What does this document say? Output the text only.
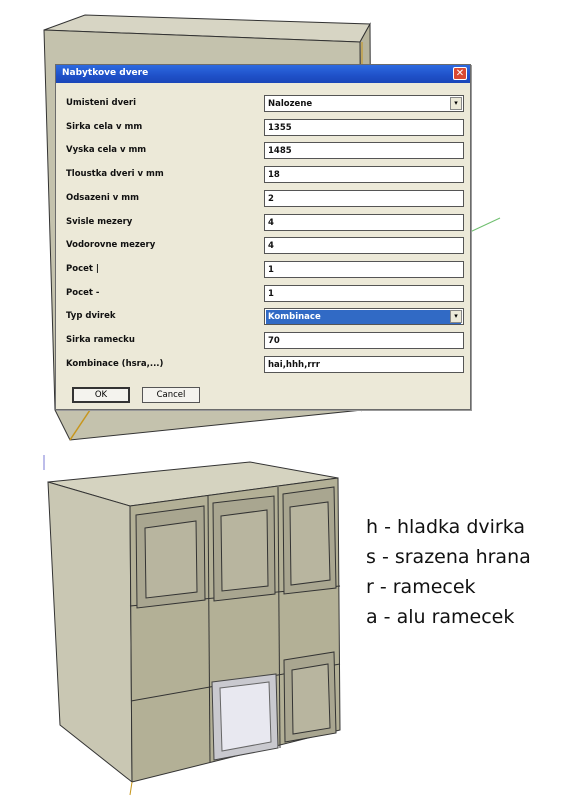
Nabytkove dvere	✕
Umisteni dveri	Nalozene	▾
Sirka cela v mm	1355
Vyska cela v mm	1485
Tloustka dveri v mm	18
Odsazeni v mm	2
Svisle mezery	4
Vodorovne mezery	4
Pocet |	1
Pocet -	1
Typ dvirek	Kombinace	▾
Sirka ramecku	70
Kombinace (hsra,...)	hai,hhh,rrr
OK	Cancel
h - hladka dvirka
s - srazena hrana
r - ramecek
a - alu ramecek
